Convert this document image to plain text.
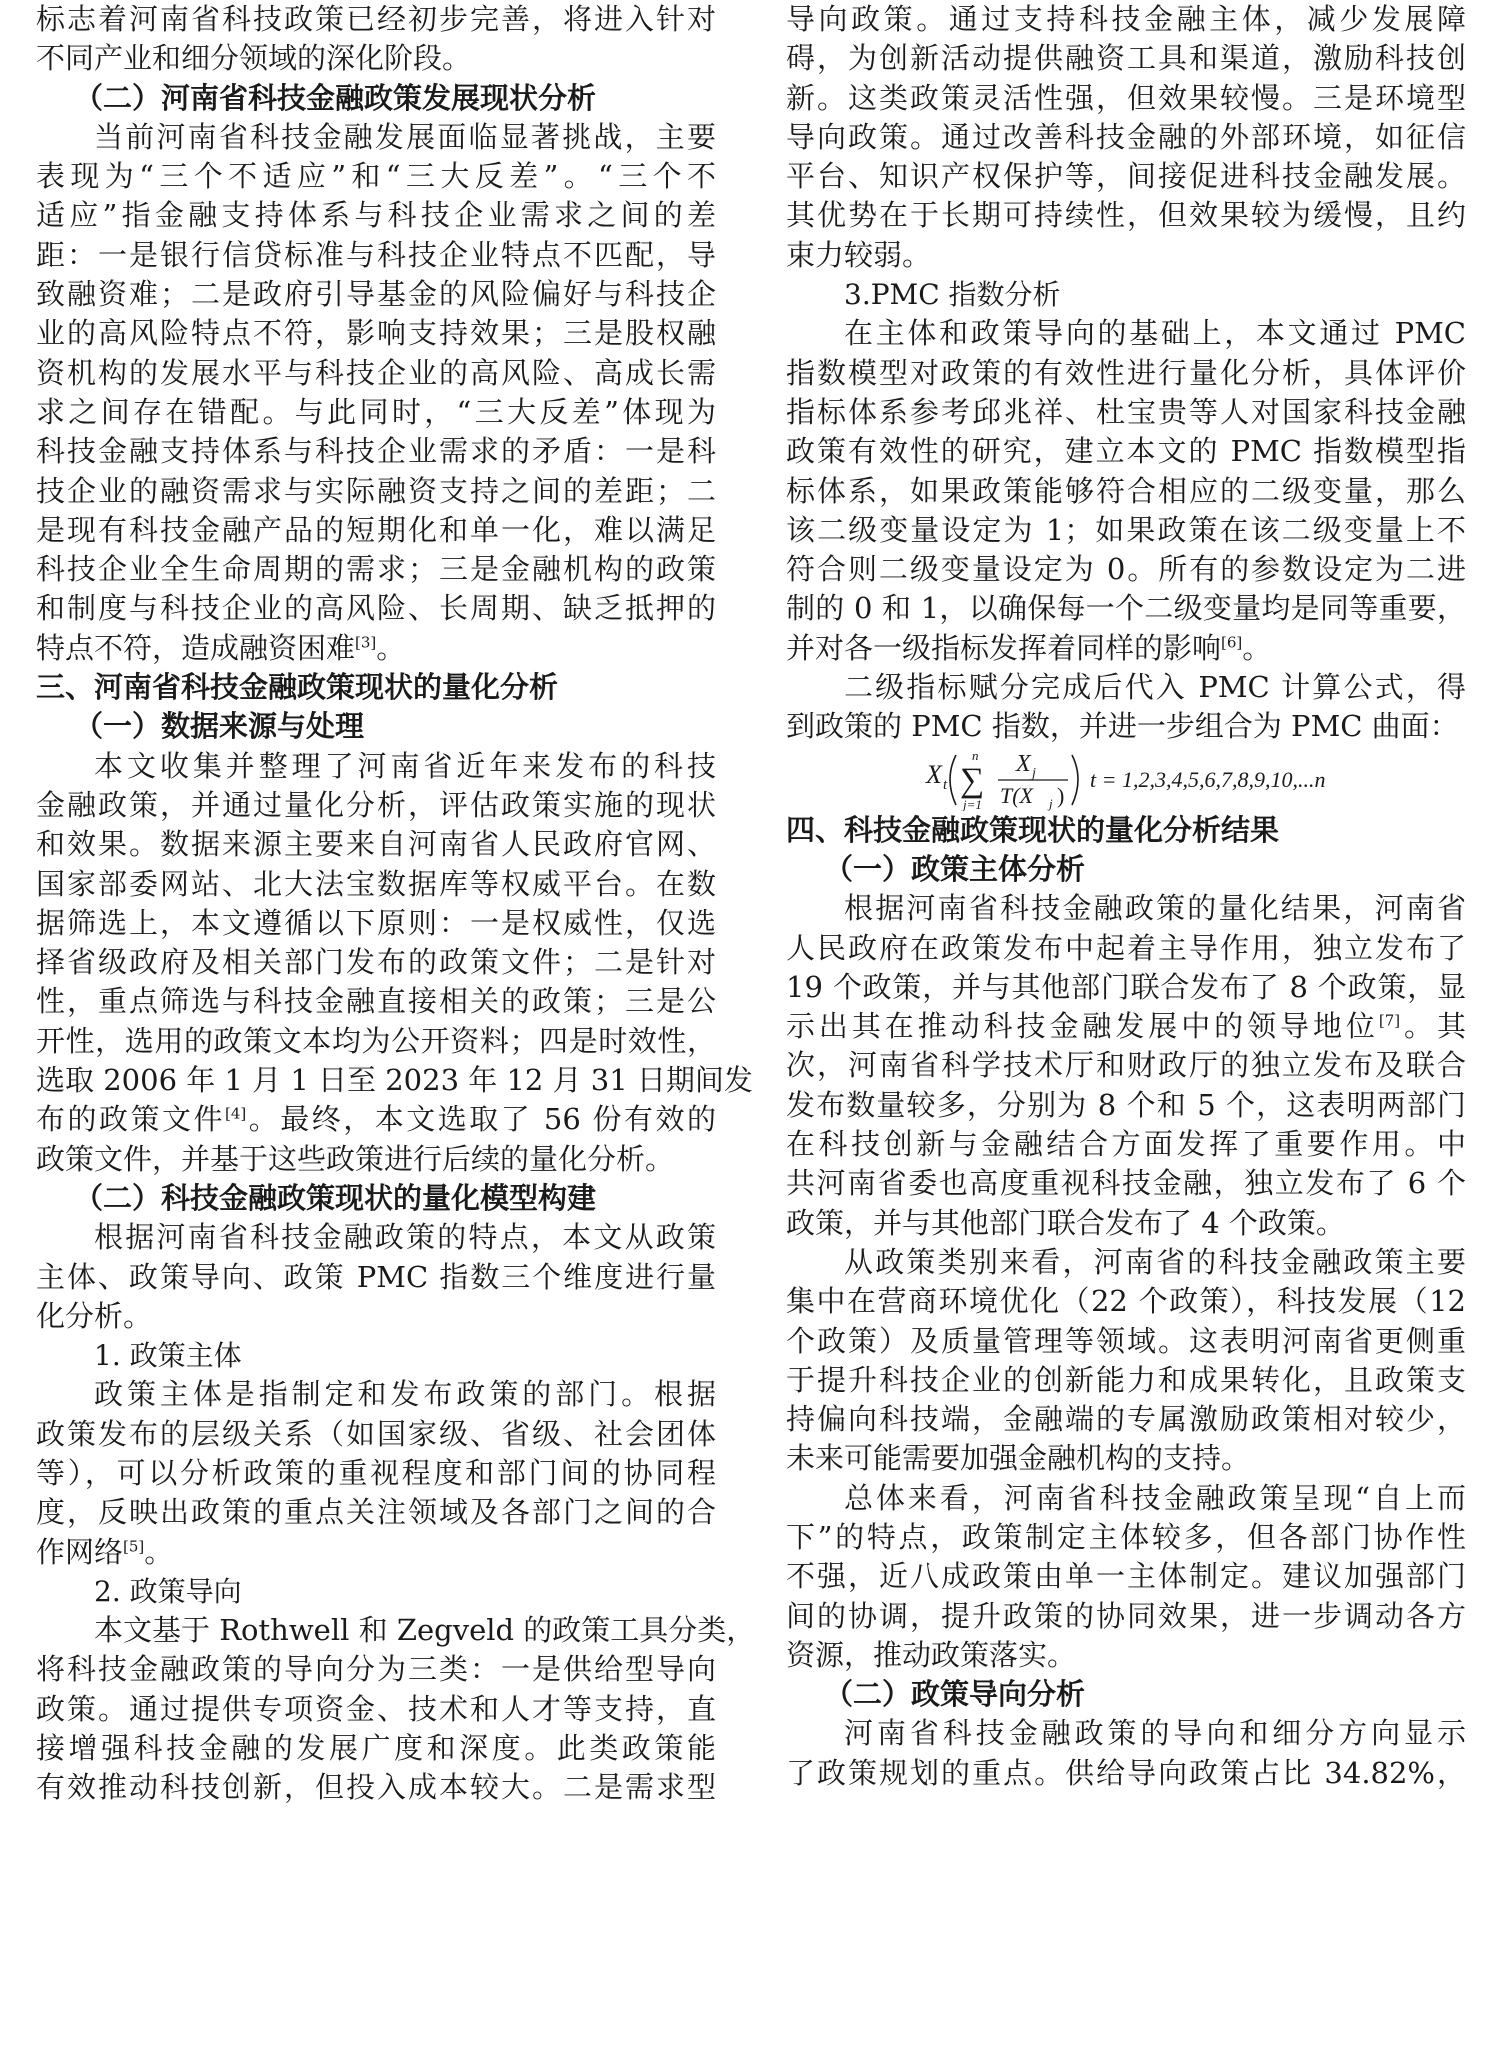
标志着河南省科技政策已经初步完善，将进入针对
不同产业和细分领域的深化阶段。
（二）河南省科技金融政策发展现状分析
当前河南省科技金融发展面临显著挑战，主要
表现为“三个不适应”和“三大反差”。“三个不
适应”指金融支持体系与科技企业需求之间的差
距：一是银行信贷标准与科技企业特点不匹配，导
致融资难；二是政府引导基金的风险偏好与科技企
业的高风险特点不符，影响支持效果；三是股权融
资机构的发展水平与科技企业的高风险、高成长需
求之间存在错配。与此同时，“三大反差”体现为
科技金融支持体系与科技企业需求的矛盾：一是科
技企业的融资需求与实际融资支持之间的差距；二
是现有科技金融产品的短期化和单一化，难以满足
科技企业全生命周期的需求；三是金融机构的政策
和制度与科技企业的高风险、长周期、缺乏抵押的
特点不符，造成融资困难[3]。
三、河南省科技金融政策现状的量化分析
（一）数据来源与处理
本文收集并整理了河南省近年来发布的科技
金融政策，并通过量化分析，评估政策实施的现状
和效果。数据来源主要来自河南省人民政府官网、
国家部委网站、北大法宝数据库等权威平台。在数
据筛选上，本文遵循以下原则：一是权威性，仅选
择省级政府及相关部门发布的政策文件；二是针对
性，重点筛选与科技金融直接相关的政策；三是公
开性，选用的政策文本均为公开资料；四是时效性，
选取 2006 年 1 月 1 日至 2023 年 12 月 31 日期间发
布的政策文件[4]。最终，本文选取了 56 份有效的
政策文件，并基于这些政策进行后续的量化分析。
（二）科技金融政策现状的量化模型构建
根据河南省科技金融政策的特点，本文从政策
主体、政策导向、政策 PMC 指数三个维度进行量
化分析。
1. 政策主体
政策主体是指制定和发布政策的部门。根据
政策发布的层级关系（如国家级、省级、社会团体
等），可以分析政策的重视程度和部门间的协同程
度，反映出政策的重点关注领域及各部门之间的合
作网络[5]。
2. 政策导向
本文基于 Rothwell 和 Zegveld 的政策工具分类，
将科技金融政策的导向分为三类：一是供给型导向
政策。通过提供专项资金、技术和人才等支持，直
接增强科技金融的发展广度和深度。此类政策能
有效推动科技创新，但投入成本较大。二是需求型
导向政策。通过支持科技金融主体，减少发展障
碍，为创新活动提供融资工具和渠道，激励科技创
新。这类政策灵活性强，但效果较慢。三是环境型
导向政策。通过改善科技金融的外部环境，如征信
平台、知识产权保护等，间接促进科技金融发展。
其优势在于长期可持续性，但效果较为缓慢，且约
束力较弱。
3.PMC 指数分析
在主体和政策导向的基础上，本文通过 PMC
指数模型对政策的有效性进行量化分析，具体评价
指标体系参考邱兆祥、杜宝贵等人对国家科技金融
政策有效性的研究，建立本文的 PMC 指数模型指
标体系，如果政策能够符合相应的二级变量，那么
该二级变量设定为 1；如果政策在该二级变量上不
符合则二级变量设定为 0。所有的参数设定为二进
制的 0 和 1，以确保每一个二级变量均是同等重要，
并对各一级指标发挥着同样的影响[6]。
二级指标赋分完成后代入 PMC 计算公式，得
到政策的 PMC 指数，并进一步组合为 PMC 曲面：
X t
n
∑
j=1
X j
T(X j )
t = 1,2,3,4,5,6,7,8,9,10,...n
四、科技金融政策现状的量化分析结果
（一）政策主体分析
根据河南省科技金融政策的量化结果，河南省
人民政府在政策发布中起着主导作用，独立发布了
19 个政策，并与其他部门联合发布了 8 个政策，显
示出其在推动科技金融发展中的领导地位[7]。其
次，河南省科学技术厅和财政厅的独立发布及联合
发布数量较多，分别为 8 个和 5 个，这表明两部门
在科技创新与金融结合方面发挥了重要作用。中
共河南省委也高度重视科技金融，独立发布了 6 个
政策，并与其他部门联合发布了 4 个政策。
从政策类别来看，河南省的科技金融政策主要
集中在营商环境优化（22 个政策），科技发展（12
个政策）及质量管理等领域。这表明河南省更侧重
于提升科技企业的创新能力和成果转化，且政策支
持偏向科技端，金融端的专属激励政策相对较少，
未来可能需要加强金融机构的支持。
总体来看，河南省科技金融政策呈现“自上而
下”的特点，政策制定主体较多，但各部门协作性
不强，近八成政策由单一主体制定。建议加强部门
间的协调，提升政策的协同效果，进一步调动各方
资源，推动政策落实。
（二）政策导向分析
河南省科技金融政策的导向和细分方向显示
了政策规划的重点。供给导向政策占比 34.82%，
